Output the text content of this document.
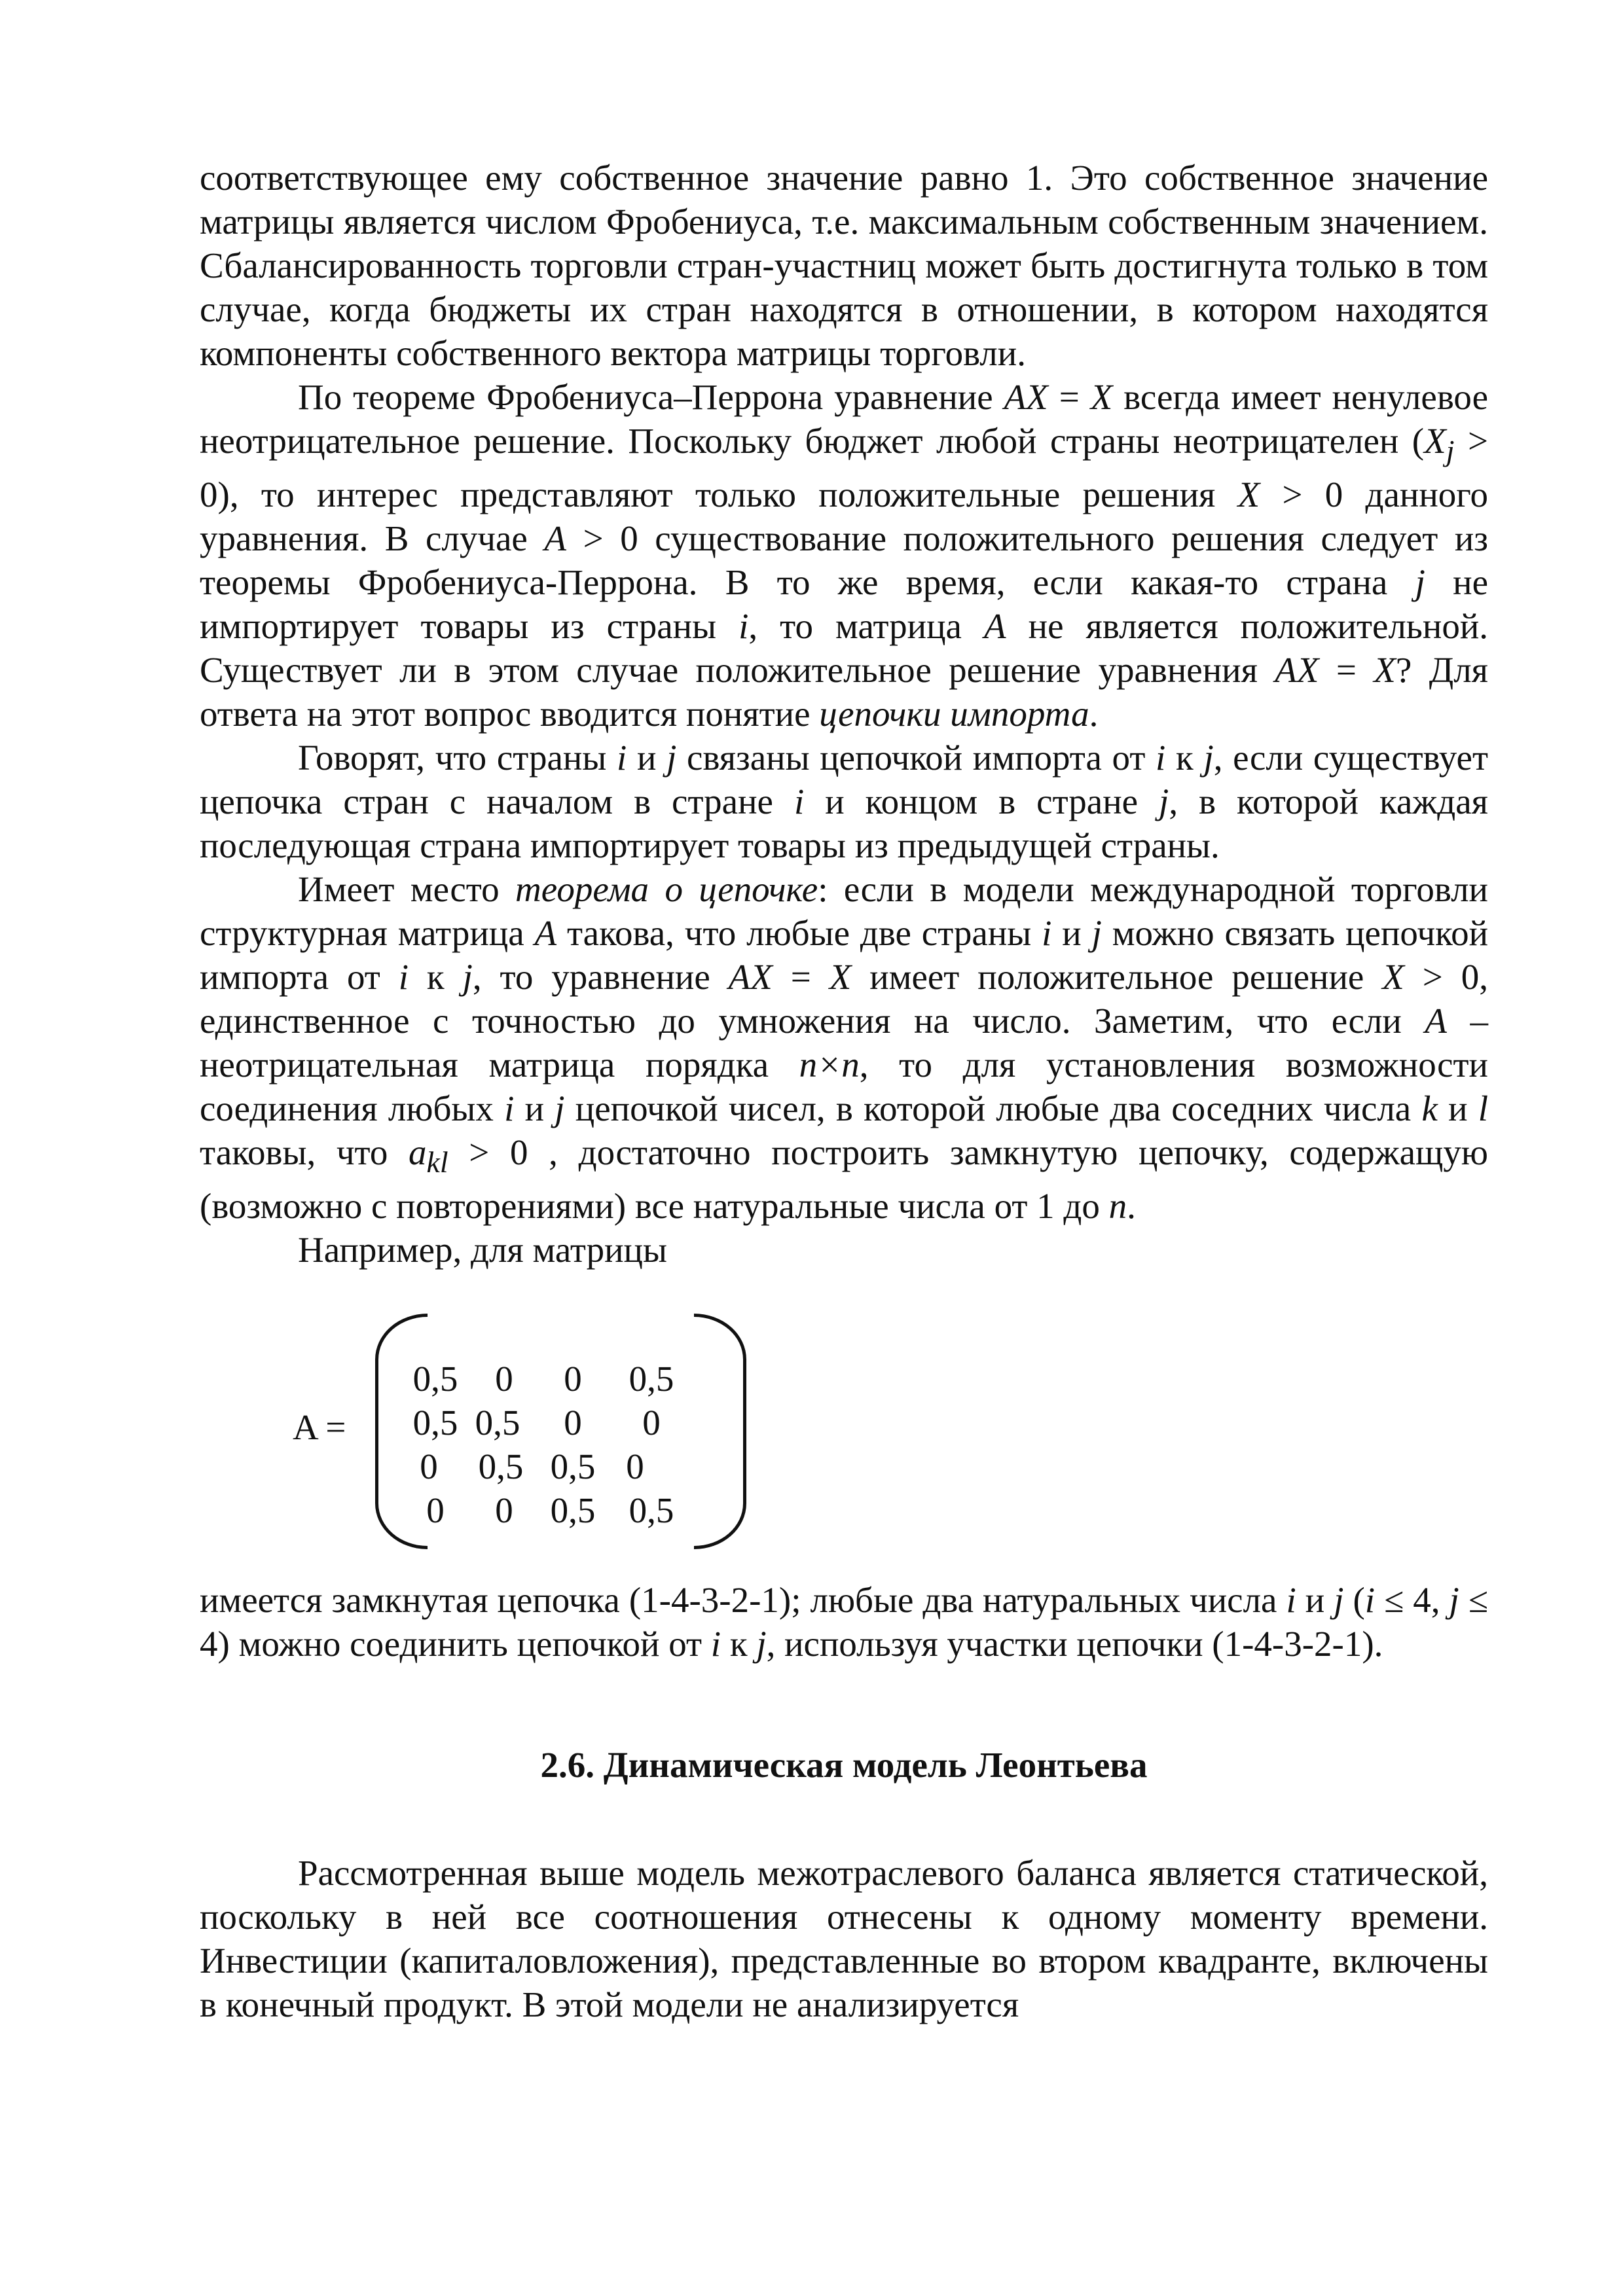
соответствующее ему собственное значение равно 1. Это собственное значение матрицы является числом Фробениуса, т.е. максимальным собственным значением. Сбалансированность торговли стран-участниц может быть достигнута только в том случае, когда бюджеты их стран находятся в отношении, в котором находятся компоненты собственного вектора матрицы торговли.

По теореме Фробениуса–Перрона уравнение AX = X всегда имеет ненулевое неотрицательное решение. Поскольку бюджет любой страны неотрицателен $(X_j > 0)$, то интерес представляют только положительные решения X > 0 данного уравнения. В случае A > 0 существование положительного решения следует из теоремы Фробениуса-Перрона. В то же время, если какая-то страна j не импортирует товары из страны i, то матрица A не является положительной. Существует ли в этом случае положительное решение уравнения AX = X? Для ответа на этот вопрос вводится понятие цепочки импорта.

Говорят, что страны i и j связаны цепочкой импорта от i к j, если существует цепочка стран с началом в стране i и концом в стране j, в которой каждая последующая страна импортирует товары из предыдущей страны.

Имеет место теорема о цепочке: если в модели международной торговли структурная матрица A такова, что любые две страны i и j можно связать цепочкой импорта от i к j, то уравнение AX = X имеет положительное решение X > 0, единственное с точностью до умножения на число. Заметим, что если A – неотрицательная матрица порядка n×n, то для установления возможности соединения любых i и j цепочкой чисел, в которой любые два соседних числа k и l таковы, что $a_{kl} > 0$ , достаточно построить замкнутую цепочку, содержащую (возможно с повторениями) все натуральные числа от 1 до n.

Например, для матрицы

A =
0,5	0	0	0,5
0,5 0,5	0	0
0	0,5 0,5 0
0	0	0,5 0,5

имеется замкнутая цепочка (1-4-3-2-1); любые два натуральных числа i и j (i ≤ 4, j ≤ 4) можно соединить цепочкой от i к j, используя участки цепочки (1-4-3-2-1).

2.6. Динамическая модель Леонтьева

Рассмотренная выше модель межотраслевого баланса является статической, поскольку в ней все соотношения отнесены к одному моменту времени. Инвестиции (капиталовложения), представленные во втором квадранте, включены в конечный продукт. В этой модели не анализируется
